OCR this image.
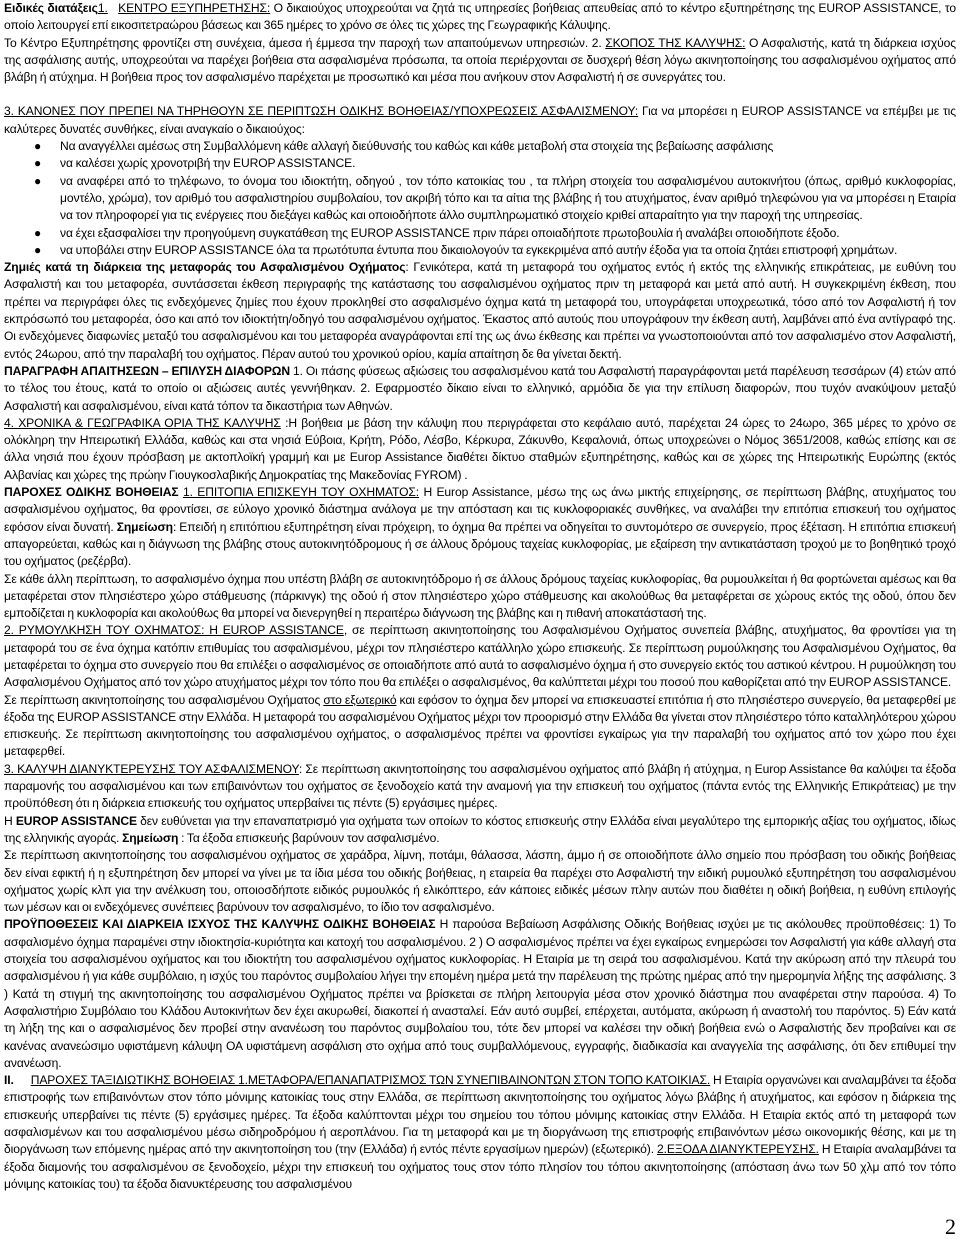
Ειδικές διατάξεις1. ΚΕΝΤΡΟ ΕΞΥΠΗΡΕΤΗΣΗΣ: Ο δικαιούχος υποχρεούται να ζητά τις υπηρεσίες βοήθειας απευθείας από το κέντρο εξυπηρέτησης της EUROP ASSISTANCE, το οποίο λειτουργεί επί εικοσιτετραώρου βάσεως και 365 ημέρες το χρόνο σε όλες τις χώρες της Γεωγραφικής Κάλυψης.

Το Κέντρο Εξυπηρέτησης φροντίζει στη συνέχεια, άμεσα ή έμμεσα την παροχή των απαιτούμενων υπηρεσιών. 2. ΣΚΟΠΟΣ ΤΗΣ ΚΑΛΥΨΗΣ: Ο Ασφαλιστής, κατά τη διάρκεια ισχύος της ασφάλισης αυτής, υποχρεούται να παρέχει βοήθεια στα ασφαλισμένα πρόσωπα, τα οποία περιέρχονται σε δυσχερή θέση λόγω ακινητοποίησης του ασφαλισμένου οχήματος από βλάβη ή ατύχημα. Η βοήθεια προς τον ασφαλισμένο παρέχεται με προσωπικό και μέσα που ανήκουν στον Ασφαλιστή ή σε συνεργάτες του.

3. ΚΑΝΟΝΕΣ ΠΟΥ ΠΡΕΠΕΙ ΝΑ ΤΗΡΗΘΟΥΝ ΣΕ ΠΕΡΙΠΤΩΣΗ ΟΔΙΚΗΣ ΒΟΗΘΕΙΑΣ/ΥΠΟΧΡΕΩΣΕΙΣ ΑΣΦΑΛΙΣΜΕΝΟΥ: Για να μπορέσει η EUROP ASSISTANCE να επέμβει με τις καλύτερες δυνατές συνθήκες, είναι αναγκαίο ο δικαιούχος:

● Να αναγγέλλει αμέσως στη Συμβαλλόμενη κάθε αλλαγή διεύθυνσής του καθώς και κάθε μεταβολή στα στοιχεία της βεβαίωσης ασφάλισης
● να καλέσει χωρίς χρονοτριβή την EUROP ASSISTANCE.
● να αναφέρει από το τηλέφωνο, το όνομα του ιδιοκτήτη, οδηγού , τον τόπο κατοικίας του , τα πλήρη στοιχεία του ασφαλισμένου αυτοκινήτου (όπως, αριθμό κυκλοφορίας, μοντέλο, χρώμα), τον αριθμό του ασφαλιστηρίου συμβολαίου, τον ακριβή τόπο και τα αίτια της βλάβης ή του ατυχήματος, έναν αριθμό τηλεφώνου για να μπορέσει η Εταιρία να τον πληροφορεί για τις ενέργειες που διεξάγει καθώς και οποιοδήποτε άλλο συμπληρωματικό στοιχείο κριθεί απαραίτητο για την παροχή της υπηρεσίας.
● να έχει εξασφαλίσει την προηγούμενη συγκατάθεση της EUROP ASSISTANCE πριν πάρει οποιαδήποτε πρωτοβουλία ή αναλάβει οποιοδήποτε έξοδο.
● να υποβάλει στην EUROP ASSISTANCE όλα τα πρωτότυπα έντυπα που δικαιολογούν τα εγκεκριμένα από αυτήν έξοδα για τα οποία ζητάει επιστροφή χρημάτων.

Ζημιές κατά τη διάρκεια της μεταφοράς του Ασφαλισμένου Οχήματος: Γενικότερα, κατά τη μεταφορά του οχήματος εντός ή εκτός της ελληνικής επικράτειας, με ευθύνη του Ασφαλιστή και του μεταφορέα, συντάσσεται έκθεση περιγραφής της κατάστασης του ασφαλισμένου οχήματος πριν τη μεταφορά και μετά από αυτή. Η συγκεκριμένη έκθεση, που πρέπει να περιγράφει όλες τις ενδεχόμενες ζημίες που έχουν προκληθεί στο ασφαλισμένο όχημα κατά τη μεταφορά του, υπογράφεται υποχρεωτικά, τόσο από τον Ασφαλιστή ή τον εκπρόσωπό του μεταφορέα, όσο και από τον ιδιοκτήτη/οδηγό του ασφαλισμένου οχήματος. Έκαστος από αυτούς που υπογράφουν την έκθεση αυτή, λαμβάνει από ένα αντίγραφό της. Οι ενδεχόμενες διαφωνίες μεταξύ του ασφαλισμένου και του μεταφορέα αναγράφονται επί της ως άνω έκθεσης και πρέπει να γνωστοποιούνται από τον ασφαλισμένο στον Ασφαλιστή, εντός 24ωρου, από την παραλαβή του οχήματος. Πέραν αυτού του χρονικού ορίου, καμία απαίτηση δε θα γίνεται δεκτή.

ΠΑΡΑΓΡΑΦΗ ΑΠΑΙΤΗΣΕΩΝ – ΕΠΙΛΥΣΗ ΔΙΑΦΟΡΩΝ 1. Οι πάσης φύσεως αξιώσεις του ασφαλισμένου κατά του Ασφαλιστή παραγράφονται μετά παρέλευση τεσσάρων (4) ετών από το τέλος του έτους, κατά το οποίο οι αξιώσεις αυτές γεννήθηκαν. 2. Εφαρμοστέο δίκαιο είναι το ελληνικό, αρμόδια δε για την επίλυση διαφορών, που τυχόν ανακύψουν μεταξύ Ασφαλιστή και ασφαλισμένου, είναι κατά τόπον τα δικαστήρια των Αθηνών.

4. ΧΡΟΝΙΚΑ & ΓΕΩΓΡΑΦΙΚΑ ΟΡΙΑ ΤΗΣ ΚΑΛΥΨΗΣ :Η βοήθεια με βάση την κάλυψη που περιγράφεται στο κεφάλαιο αυτό, παρέχεται 24 ώρες το 24ωρο, 365 μέρες το χρόνο σε ολόκληρη την Ηπειρωτική Ελλάδα, καθώς και στα νησιά Εύβοια, Κρήτη, Ρόδο, Λέσβο, Κέρκυρα, Ζάκυνθο, Κεφαλονιά, όπως υποχρεώνει ο Νόμος 3651/2008, καθώς επίσης και σε άλλα νησιά που έχουν πρόσβαση με ακτοπλοϊκή γραμμή και με Europ Assistance διαθέτει δίκτυο σταθμών εξυπηρέτησης, καθώς και σε χώρες της Ηπειρωτικής Ευρώπης (εκτός Αλβανίας και χώρες της πρώην Γιουγκοσλαβικής Δημοκρατίας της Μακεδονίας FYROM) .

ΠΑΡΟΧΕΣ ΟΔΙΚΗΣ ΒΟΗΘΕΙΑΣ 1. ΕΠΙΤΟΠΙΑ ΕΠΙΣΚΕΥΗ ΤΟΥ ΟΧΗΜΑΤΟΣ: Η Europ Assistance, μέσω της ως άνω μικτής επιχείρησης, σε περίπτωση βλάβης, ατυχήματος του ασφαλισμένου οχήματος, θα φροντίσει, σε εύλογο χρονικό διάστημα ανάλογα με την απόσταση και τις κυκλοφοριακές συνθήκες, να αναλάβει την επιτόπια επισκευή του οχήματος εφόσον είναι δυνατή. Σημείωση: Επειδή η επιτόπιου εξυπηρέτηση είναι πρόχειρη, το όχημα θα πρέπει να οδηγείται το συντομότερο σε συνεργείο, προς έξέταση. Η επιτόπια επισκευή απαγορεύεται, καθώς και η διάγνωση της βλάβης στους αυτοκινητόδρομους ή σε άλλους δρόμους ταχείας κυκλοφορίας, με εξαίρεση την αντικατάσταση τροχού με το βοηθητικό τροχό του οχήματος (ρεζέρβα).

Σε κάθε άλλη περίπτωση, το ασφαλισμένο όχημα που υπέστη βλάβη σε αυτοκινητόδρομο ή σε άλλους δρόμους ταχείας κυκλοφορίας, θα ρυμουλκείται ή θα φορτώνεται αμέσως και θα μεταφέρεται στον πλησιέστερο χώρο στάθμευσης (πάρκινγκ) της οδού ή στον πλησιέστερο χώρο στάθμευσης και ακολούθως θα μεταφέρεται σε χώρους εκτός της οδού, όπου δεν εμποδίζεται η κυκλοφορία και ακολούθως θα μπορεί να διενεργηθεί η περαιτέρω διάγνωση της βλάβης και η πιθανή αποκατάστασή της.

2. ΡΥΜΟΥΛΚΗΣΗ ΤΟΥ ΟΧΗΜΑΤΟΣ: Η EUROP ASSISTANCE, σε περίπτωση ακινητοποίησης του Ασφαλισμένου Οχήματος συνεπεία βλάβης, ατυχήματος, θα φροντίσει για τη μεταφορά του σε ένα όχημα κατόπιν επιθυμίας του ασφαλισμένου, μέχρι τον πλησιέστερο κατάλληλο χώρο επισκευής. Σε περίπτωση ρυμούλκησης του Ασφαλισμένου Οχήματος, θα μεταφέρεται το όχημα στο συνεργείο που θα επιλέξει ο ασφαλισμένος σε οποιαδήποτε από αυτά το ασφαλισμένο όχημα ή στο συνεργείο εκτός του αστικού κέντρου. Η ρυμούλκηση του Ασφαλισμένου Οχήματος από τον χώρο ατυχήματος μέχρι τον τόπο που θα επιλέξει ο ασφαλισμένος, θα καλύπτεται μέχρι του ποσού που καθορίζεται από την EUROP ASSISTANCE.

Σε περίπτωση ακινητοποίησης του ασφαλισμένου Οχήματος στο εξωτερικό και εφόσον το όχημα δεν μπορεί να επισκευαστεί επιτόπια ή στο πλησιέστερο συνεργείο, θα μεταφερθεί με έξοδα της EUROP ASSISTANCE στην Ελλάδα. Η μεταφορά του ασφαλισμένου Οχήματος μέχρι τον προορισμό στην Ελλάδα θα γίνεται στον πλησιέστερο τόπο καταλληλότερου χώρου επισκευής. Σε περίπτωση ακινητοποίησης του ασφαλισμένου οχήματος, ο ασφαλισμένος πρέπει να φροντίσει εγκαίρως για την παραλαβή του οχήματος από τον χώρο που έχει μεταφερθεί.

3. ΚΑΛΥΨΗ ΔΙΑΝΥΚΤΕΡΕΥΣΗΣ ΤΟΥ ΑΣΦΑΛΙΣΜΕΝΟΥ: Σε περίπτωση ακινητοποίησης του ασφαλισμένου οχήματος από βλάβη ή ατύχημα, η Europ Assistance θα καλύψει τα έξοδα παραμονής του ασφαλισμένου και των επιβαινόντων του οχήματος σε ξενοδοχείο κατά την αναμονή για την επισκευή του οχήματος (πάντα εντός της Ελληνικής Επικράτειας) με την προϋπόθεση ότι η διάρκεια επισκευής του οχήματος υπερβαίνει τις πέντε (5) εργάσιμες ημέρες.

Η EUROP ASSISTANCE δεν ευθύνεται για την επαναπατρισμό για οχήματα των οποίων το κόστος επισκευής στην Ελλάδα είναι μεγαλύτερο της εμπορικής αξίας του οχήματος, ιδίως της ελληνικής αγοράς. Σημείωση : Τα έξοδα επισκευής βαρύνουν τον ασφαλισμένο.

Σε περίπτωση ακινητοποίησης του ασφαλισμένου οχήματος σε χαράδρα, λίμνη, ποτάμι, θάλασσα, λάσπη, άμμο ή σε οποιοδήποτε άλλο σημείο που πρόσβαση του οδικής βοήθειας δεν είναι εφικτή ή η εξυπηρέτηση δεν μπορεί να γίνει με τα ίδια μέσα του οδικής βοήθειας, η εταιρεία θα παρέχει στο Ασφαλιστή την ειδική ρυμουλκό εξυπηρέτηση του ασφαλισμένου οχήματος χωρίς κλπ για την ανέλκυση του, οποιοσδήποτε ειδικός ρυμουλκός ή ελικόπτερο, εάν κάποιες ειδικές μέσων πλην αυτών που διαθέτει η οδική βοήθεια, η ευθύνη επιλογής των μέσων και οι ενδεχόμενες συνέπειες βαρύνουν τον ασφαλισμένο, το ίδιο τον ασφαλισμένο.

ΠΡΟΫΠΟΘΕΣΕΙΣ ΚΑΙ ΔΙΑΡΚΕΙΑ ΙΣΧΥΟΣ ΤΗΣ ΚΑΛΥΨΗΣ ΟΔΙΚΗΣ ΒΟΗΘΕΙΑΣ Η παρούσα Βεβαίωση Ασφάλισης Οδικής Βοήθειας ισχύει με τις ακόλουθες προϋποθέσεις: 1) Το ασφαλισμένο όχημα παραμένει στην ιδιοκτησία-κυριότητα και κατοχή του ασφαλισμένου. 2 ) Ο ασφαλισμένος πρέπει να έχει εγκαίρως ενημερώσει τον Ασφαλιστή για κάθε αλλαγή στα στοιχεία του ασφαλισμένου οχήματος και του ιδιοκτήτη του ασφαλισμένου οχήματος κυκλοφορίας. Η Εταιρία με τη σειρά του ασφαλισμένου. Κατά την ακύρωση από την πλευρά του ασφαλισμένου ή για κάθε συμβόλαιο, η ισχύς του παρόντος συμβολαίου λήγει την επομένη ημέρα μετά την παρέλευση της πρώτης ημέρας από την ημερομηνία λήξης της ασφάλισης. 3 ) Κατά τη στιγμή της ακινητοποίησης του ασφαλισμένου Οχήματος πρέπει να βρίσκεται σε πλήρη λειτουργία μέσα στον χρονικό διάστημα που αναφέρεται στην παρούσα. 4) Το Ασφαλιστήριο Συμβόλαιο του Κλάδου Αυτοκινήτων δεν έχει ακυρωθεί, διακοπεί ή ανασταλεί. Εάν αυτό συμβεί, επέρχεται, αυτόματα, ακύρωση ή αναστολή του παρόντος. 5) Εάν κατά τη λήξη της και ο ασφαλισμένος δεν προβεί στην ανανέωση του παρόντος συμβολαίου του, τότε δεν μπορεί να καλέσει την οδική βοήθεια ενώ ο Ασφαλιστής δεν προβαίνει και σε κανένας ανανεώσιμο υφιστάμενη κάλυψη ΟΑ υφιστάμενη ασφάλιση στο οχήμα από τους συμβαλλόμενους, εγγραφής, διαδικασία και αναγγελία της ασφάλισης, ότι δεν επιθυμεί την ανανέωση.

II. ΠΑΡΟΧΕΣ ΤΑΞΙΔΙΩΤΙΚΗΣ ΒΟΗΘΕΙΑΣ 1.ΜΕΤΑΦΟΡΑ/ΕΠΑΝΑΠΑΤΡΙΣΜΟΣ ΤΩΝ ΣΥΝΕΠΙΒΑΙΝΟΝΤΩΝ ΣΤΟΝ ΤΟΠΟ ΚΑΤΟΙΚΙΑΣ. Η Εταιρία οργανώνει και αναλαμβάνει τα έξοδα επιστροφής των επιβαινόντων στον τόπο μόνιμης κατοικίας τους στην Ελλάδα, σε περίπτωση ακινητοποίησης του οχήματος λόγω βλάβης ή ατυχήματος, και εφόσον η διάρκεια της επισκευής υπερβαίνει τις πέντε (5) εργάσιμες ημέρες. Τα έξοδα καλύπτονται μέχρι του σημείου του τόπου μόνιμης κατοικίας στην Ελλάδα. Η Εταιρία εκτός από τη μεταφορά των ασφαλισμένων και του ασφαλισμένου μέσω σιδηροδρόμου ή αεροπλάνου. Για τη μεταφορά και με τη διοργάνωση της επιστροφής επιβαινόντων μέσω οικονομικής θέσης, και με τη διοργάνωση των επόμενης ημέρας από την ακινητοποίηση του (την (Ελλάδα) ή εντός πέντε εργασίμων ημερών) (εξωτερικό). 2.ΕΞΟΔΑ ΔΙΑΝΥΚΤΕΡΕΥΣΗΣ. Η Εταιρία αναλαμβάνει τα έξοδα διαμονής του ασφαλισμένου σε ξενοδοχείο, μέχρι την επισκευή του οχήματος τους στον τόπο πλησίον του τόπου ακινητοποίησης (απόσταση άνω των 50 χλμ από τον τόπο μόνιμης κατοικίας του) τα έξοδα διανυκτέρευσης του ασφαλισμένου

2
